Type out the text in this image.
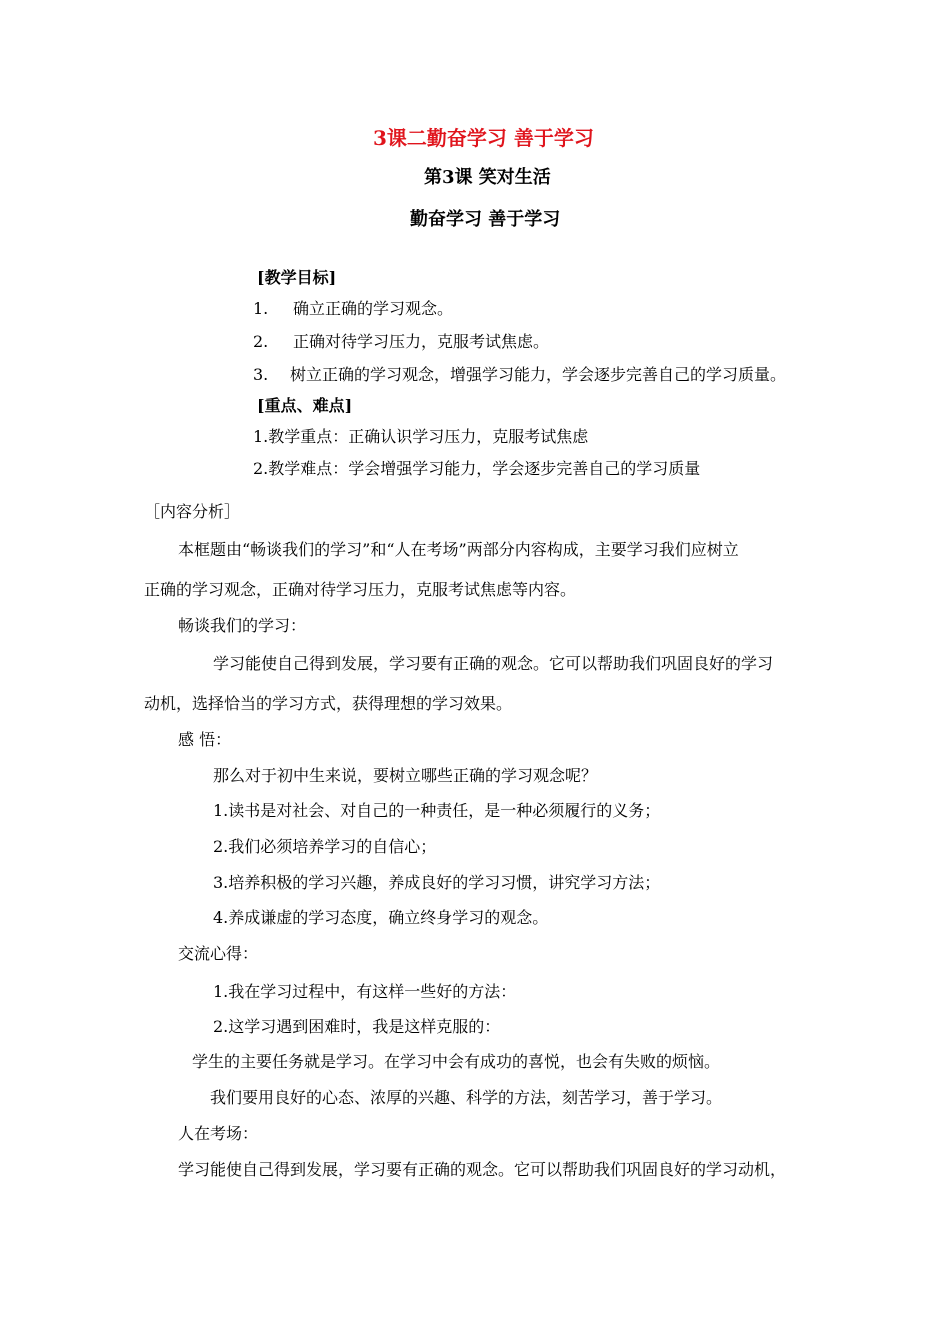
3课二勤奋学习 善于学习
第3课 笑对生活
勤奋学习 善于学习
[教学目标]
1. 确立正确的学习观念。
2. 正确对待学习压力，克服考试焦虑。
3. 树立正确的学习观念，增强学习能力，学会逐步完善自己的学习质量。
[重点、难点]
1.教学重点：正确认识学习压力，克服考试焦虑
2.教学难点：学会增强学习能力，学会逐步完善自己的学习质量
［内容分析］
本框题由“畅谈我们的学习”和“人在考场”两部分内容构成，主要学习我们应树立
正确的学习观念，正确对待学习压力，克服考试焦虑等内容。
畅谈我们的学习：
学习能使自己得到发展，学习要有正确的观念。它可以帮助我们巩固良好的学习
动机，选择恰当的学习方式，获得理想的学习效果。
感 悟：
那么对于初中生来说，要树立哪些正确的学习观念呢？
1.读书是对社会、对自己的一种责任，是一种必须履行的义务；
2.我们必须培养学习的自信心；
3.培养积极的学习兴趣，养成良好的学习习惯，讲究学习方法；
4.养成谦虚的学习态度，确立终身学习的观念。
交流心得：
1.我在学习过程中，有这样一些好的方法：
2.这学习遇到困难时，我是这样克服的：
学生的主要任务就是学习。在学习中会有成功的喜悦，也会有失败的烦恼。
我们要用良好的心态、浓厚的兴趣、科学的方法，刻苦学习，善于学习。
人在考场：
学习能使自己得到发展，学习要有正确的观念。它可以帮助我们巩固良好的学习动机，
